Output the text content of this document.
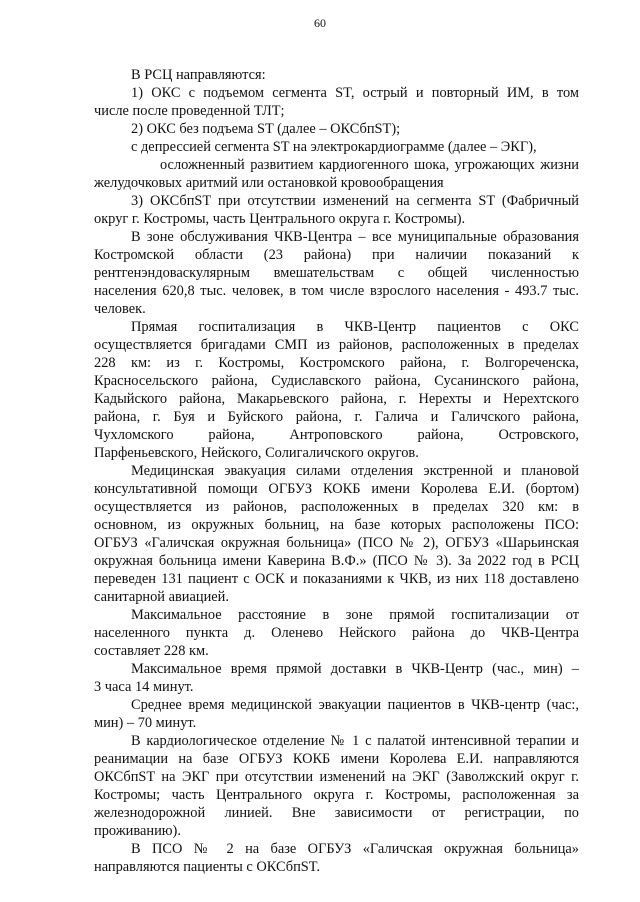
60
В РСЦ направляются:
1) ОКС с подъемом сегмента ST, острый и повторный ИМ, в том
числе после проведенной ТЛТ;
2) ОКС без подъема ST (далее – ОКСбпST);
с депрессией сегмента ST на электрокардиограмме (далее – ЭКГ),
осложненный развитием кардиогенного шока, угрожающих жизни
желудочковых аритмий или остановкой кровообращения
3) ОКСбпST при отсутствии изменений на сегмента ST (Фабричный
округ г. Костромы, часть Центрального округа г. Костромы).
В зоне обслуживания ЧКВ-Центра – все муниципальные образования
Костромской области (23 района) при наличии показаний к
рентгенэндоваскулярным вмешательствам с общей численностью
населения 620,8 тыс. человек, в том числе взрослого населения - 493.7 тыс.
человек.
Прямая госпитализация в ЧКВ-Центр пациентов с ОКС
осуществляется бригадами СМП из районов, расположенных в пределах
228 км: из г. Костромы, Костромского района, г. Волгореченска,
Красносельского района, Судиславского района, Сусанинского района,
Кадыйского района, Макарьевского района, г. Нерехты и Нерехтского
района, г. Буя и Буйского района, г. Галича и Галичского района,
Чухломского района, Антроповского района, Островского,
Парфеньевского, Нейского, Солигаличского округов.
Медицинская эвакуация силами отделения экстренной и плановой
консультативной помощи ОГБУЗ КОКБ имени Королева Е.И. (бортом)
осуществляется из районов, расположенных в пределах 320 км: в
основном, из окружных больниц, на базе которых расположены ПСО:
ОГБУЗ «Галичская окружная больница» (ПСО № 2), ОГБУЗ «Шарьинская
окружная больница имени Каверина В.Ф.» (ПСО № 3). За 2022 год в РСЦ
переведен 131 пациент с ОСК и показаниями к ЧКВ, из них 118 доставлено
санитарной авиацией.
Максимальное расстояние в зоне прямой госпитализации от
населенного пункта д. Оленево Нейского района до ЧКВ-Центра
составляет 228 км.
Максимальное время прямой доставки в ЧКВ-Центр (час., мин) –
3 часа 14 минут.
Среднее время медицинской эвакуации пациентов в ЧКВ-центр (час:,
мин) – 70 минут.
В кардиологическое отделение № 1 с палатой интенсивной терапии и
реанимации на базе ОГБУЗ КОКБ имени Королева Е.И. направляются
ОКСбпST на ЭКГ при отсутствии изменений на ЭКГ (Заволжский округ г.
Костромы; часть Центрального округа г. Костромы, расположенная за
железнодорожной линией. Вне зависимости от регистрации, по
проживанию).
В ПСО № 2 на базе ОГБУЗ «Галичская окружная больница»
направляются пациенты с ОКСбпST.
